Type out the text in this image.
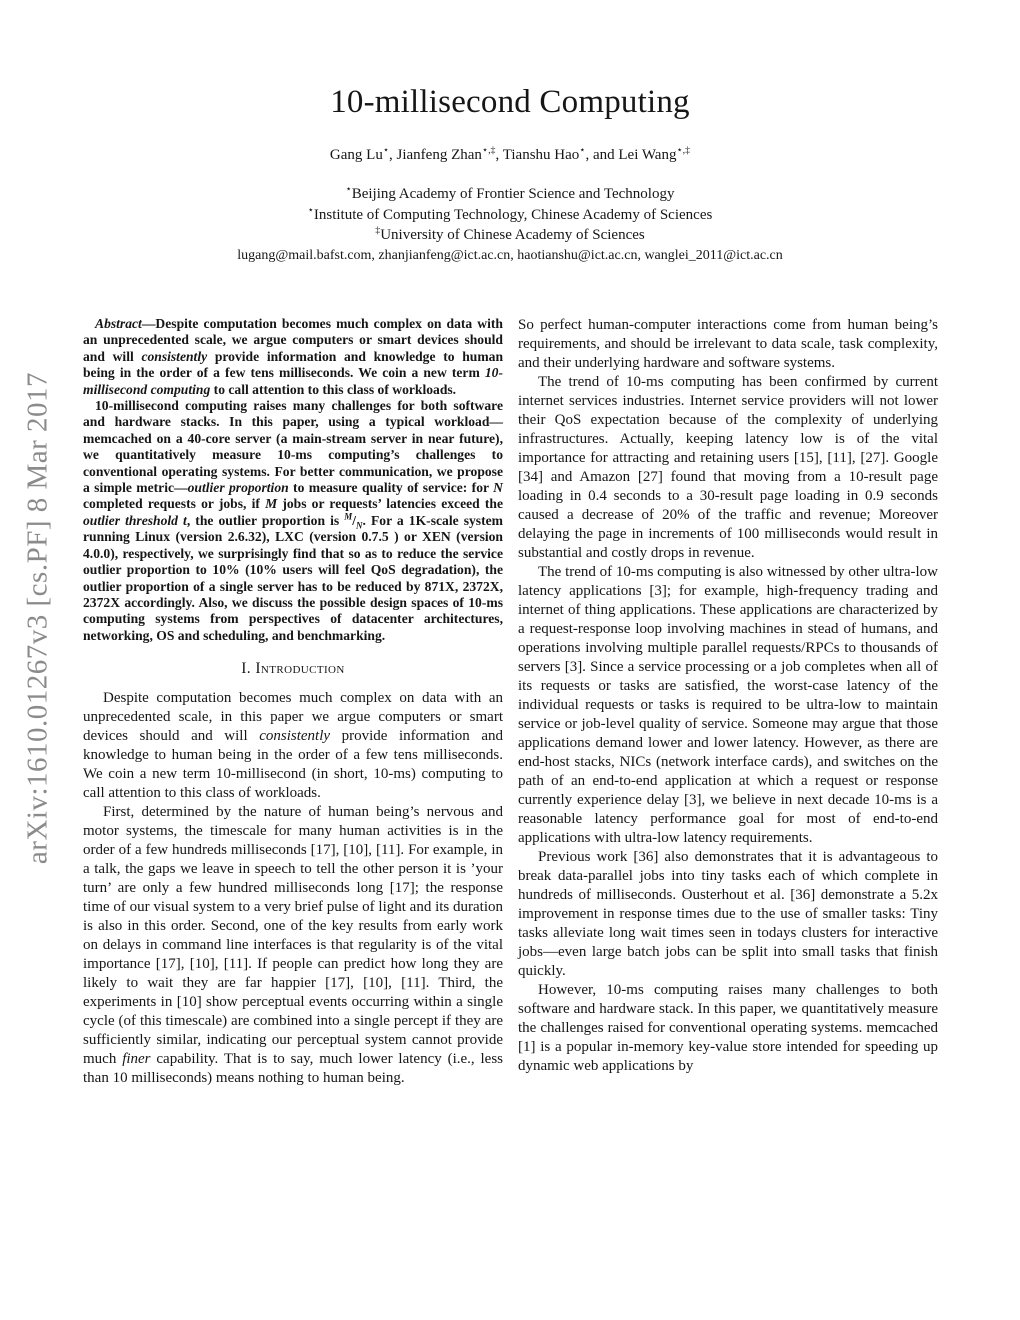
arXiv:1610.01267v3 [cs.PF] 8 Mar 2017
10-millisecond Computing
Gang Lu⋆, Jianfeng Zhan⋆,‡, Tianshu Hao⋆, and Lei Wang⋆,‡
⋆Beijing Academy of Frontier Science and Technology
⋆Institute of Computing Technology, Chinese Academy of Sciences
‡University of Chinese Academy of Sciences
lugang@mail.bafst.com, zhanjianfeng@ict.ac.cn, haotianshu@ict.ac.cn, wanglei_2011@ict.ac.cn

Abstract—Despite computation becomes much complex on data with an unprecedented scale, we argue computers or smart devices should and will consistently provide information and knowledge to human being in the order of a few tens milliseconds. We coin a new term 10-millisecond computing to call attention to this class of workloads.

10-millisecond computing raises many challenges for both software and hardware stacks. In this paper, using a typical workload—memcached on a 40-core server (a main-stream server in near future), we quantitatively measure 10-ms computing’s challenges to conventional operating systems. For better communication, we propose a simple metric—outlier proportion to measure quality of service: for N completed requests or jobs, if M jobs or requests’ latencies exceed the outlier threshold t, the outlier proportion is $^M/_N$. For a 1K-scale system running Linux (version 2.6.32), LXC (version 0.7.5 ) or XEN (version 4.0.0), respectively, we surprisingly find that so as to reduce the service outlier proportion to 10% (10% users will feel QoS degradation), the outlier proportion of a single server has to be reduced by 871X, 2372X, 2372X accordingly. Also, we discuss the possible design spaces of 10-ms computing systems from perspectives of datacenter architectures, networking, OS and scheduling, and benchmarking.

I. Introduction

Despite computation becomes much complex on data with an unprecedented scale, in this paper we argue computers or smart devices should and will consistently provide information and knowledge to human being in the order of a few tens milliseconds. We coin a new term 10-millisecond (in short, 10-ms) computing to call attention to this class of workloads.

First, determined by the nature of human being’s nervous and motor systems, the timescale for many human activities is in the order of a few hundreds milliseconds [17], [10], [11]. For example, in a talk, the gaps we leave in speech to tell the other person it is ’your turn’ are only a few hundred milliseconds long [17]; the response time of our visual system to a very brief pulse of light and its duration is also in this order. Second, one of the key results from early work on delays in command line interfaces is that regularity is of the vital importance [17], [10], [11]. If people can predict how long they are likely to wait they are far happier [17], [10], [11]. Third, the experiments in [10] show perceptual events occurring within a single cycle (of this timescale) are combined into a single percept if they are sufficiently similar, indicating our perceptual system cannot provide much finer capability. That is to say, much lower latency (i.e., less than 10 milliseconds) means nothing to human being.

So perfect human-computer interactions come from human being’s requirements, and should be irrelevant to data scale, task complexity, and their underlying hardware and software systems.

The trend of 10-ms computing has been confirmed by current internet services industries. Internet service providers will not lower their QoS expectation because of the complexity of underlying infrastructures. Actually, keeping latency low is of the vital importance for attracting and retaining users [15], [11], [27]. Google [34] and Amazon [27] found that moving from a 10-result page loading in 0.4 seconds to a 30-result page loading in 0.9 seconds caused a decrease of 20% of the traffic and revenue; Moreover delaying the page in increments of 100 milliseconds would result in substantial and costly drops in revenue.

The trend of 10-ms computing is also witnessed by other ultra-low latency applications [3]; for example, high-frequency trading and internet of thing applications. These applications are characterized by a request-response loop involving machines in stead of humans, and operations involving multiple parallel requests/RPCs to thousands of servers [3]. Since a service processing or a job completes when all of its requests or tasks are satisfied, the worst-case latency of the individual requests or tasks is required to be ultra-low to maintain service or job-level quality of service. Someone may argue that those applications demand lower and lower latency. However, as there are end-host stacks, NICs (network interface cards), and switches on the path of an end-to-end application at which a request or response currently experience delay [3], we believe in next decade 10-ms is a reasonable latency performance goal for most of end-to-end applications with ultra-low latency requirements.

Previous work [36] also demonstrates that it is advantageous to break data-parallel jobs into tiny tasks each of which complete in hundreds of milliseconds. Ousterhout et al. [36] demonstrate a 5.2x improvement in response times due to the use of smaller tasks: Tiny tasks alleviate long wait times seen in todays clusters for interactive jobs—even large batch jobs can be split into small tasks that finish quickly.

However, 10-ms computing raises many challenges to both software and hardware stack. In this paper, we quantitatively measure the challenges raised for conventional operating systems. memcached [1] is a popular in-memory key-value store intended for speeding up dynamic web applications by
